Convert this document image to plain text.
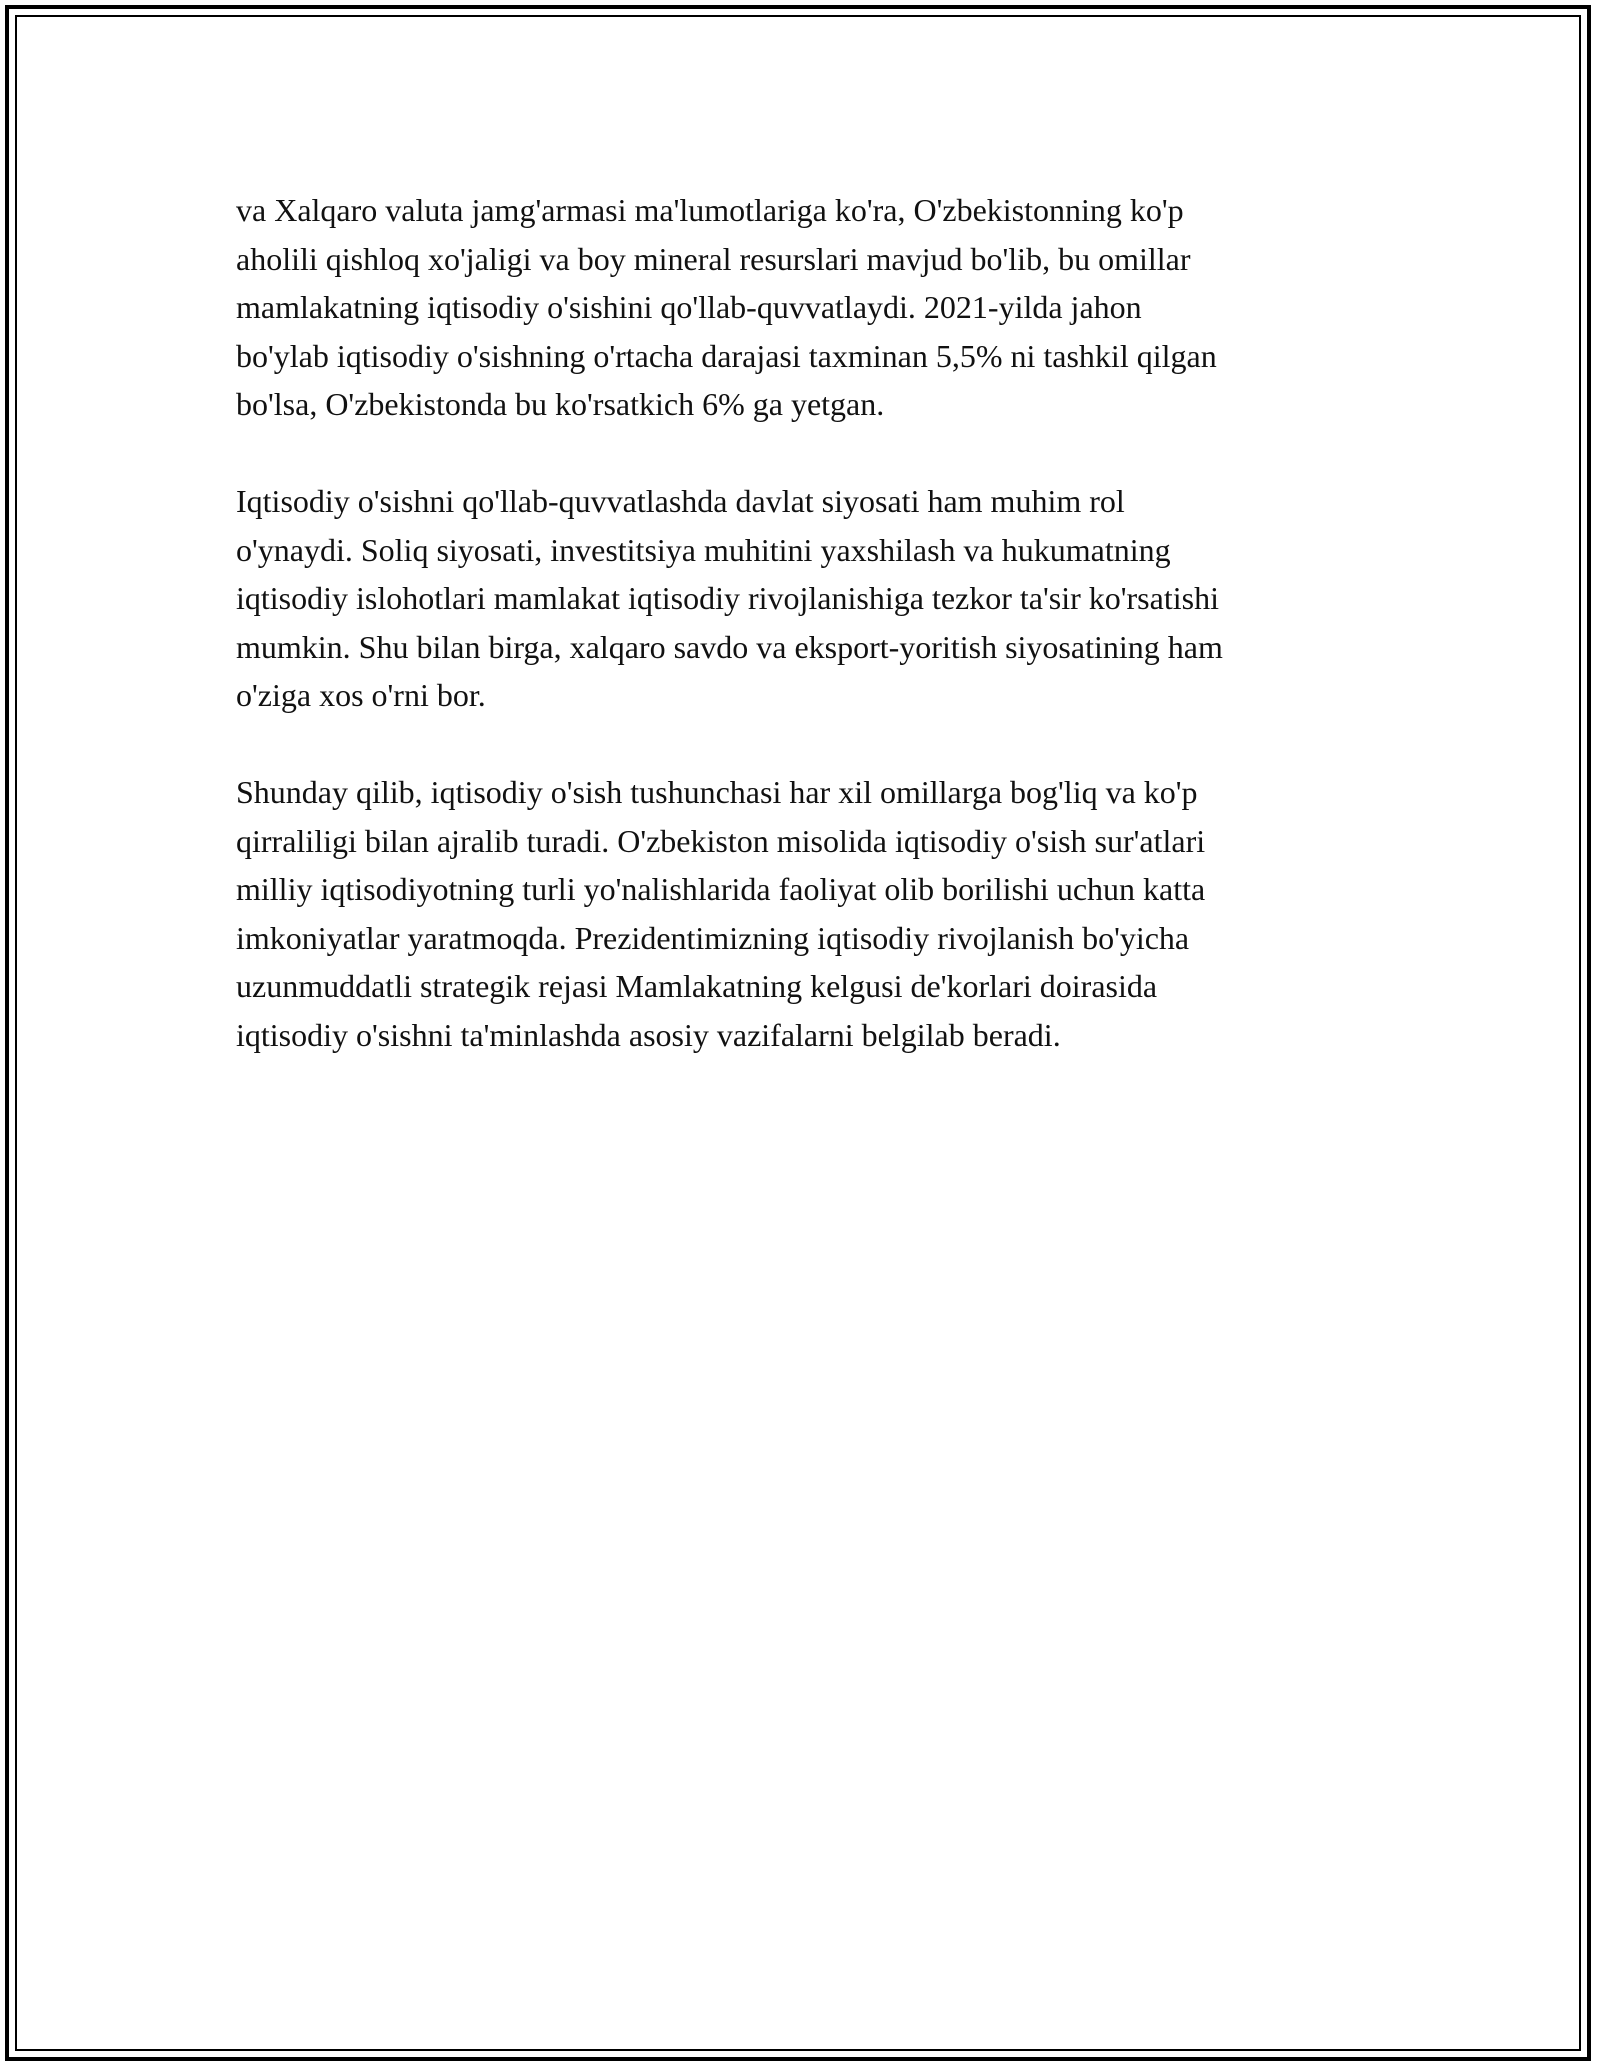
va Xalqaro valuta jamg'armasi ma'lumotlariga ko'ra, O'zbekistonning ko'p
aholili qishloq xo'jaligi va boy mineral resurslari mavjud bo'lib, bu omillar
mamlakatning iqtisodiy o'sishini qo'llab-quvvatlaydi. 2021-yilda jahon
bo'ylab iqtisodiy o'sishning o'rtacha darajasi taxminan 5,5% ni tashkil qilgan
bo'lsa, O'zbekistonda bu ko'rsatkich 6% ga yetgan.

Iqtisodiy o'sishni qo'llab-quvvatlashda davlat siyosati ham muhim rol
o'ynaydi. Soliq siyosati, investitsiya muhitini yaxshilash va hukumatning
iqtisodiy islohotlari mamlakat iqtisodiy rivojlanishiga tezkor ta'sir ko'rsatishi
mumkin. Shu bilan birga, xalqaro savdo va eksport-yoritish siyosatining ham
o'ziga xos o'rni bor.

Shunday qilib, iqtisodiy o'sish tushunchasi har xil omillarga bog'liq va ko'p
qirraliligi bilan ajralib turadi. O'zbekiston misolida iqtisodiy o'sish sur'atlari
milliy iqtisodiyotning turli yo'nalishlarida faoliyat olib borilishi uchun katta
imkoniyatlar yaratmoqda. Prezidentimizning iqtisodiy rivojlanish bo'yicha
uzunmuddatli strategik rejasi Mamlakatning kelgusi de'korlari doirasida
iqtisodiy o'sishni ta'minlashda asosiy vazifalarni belgilab beradi.
